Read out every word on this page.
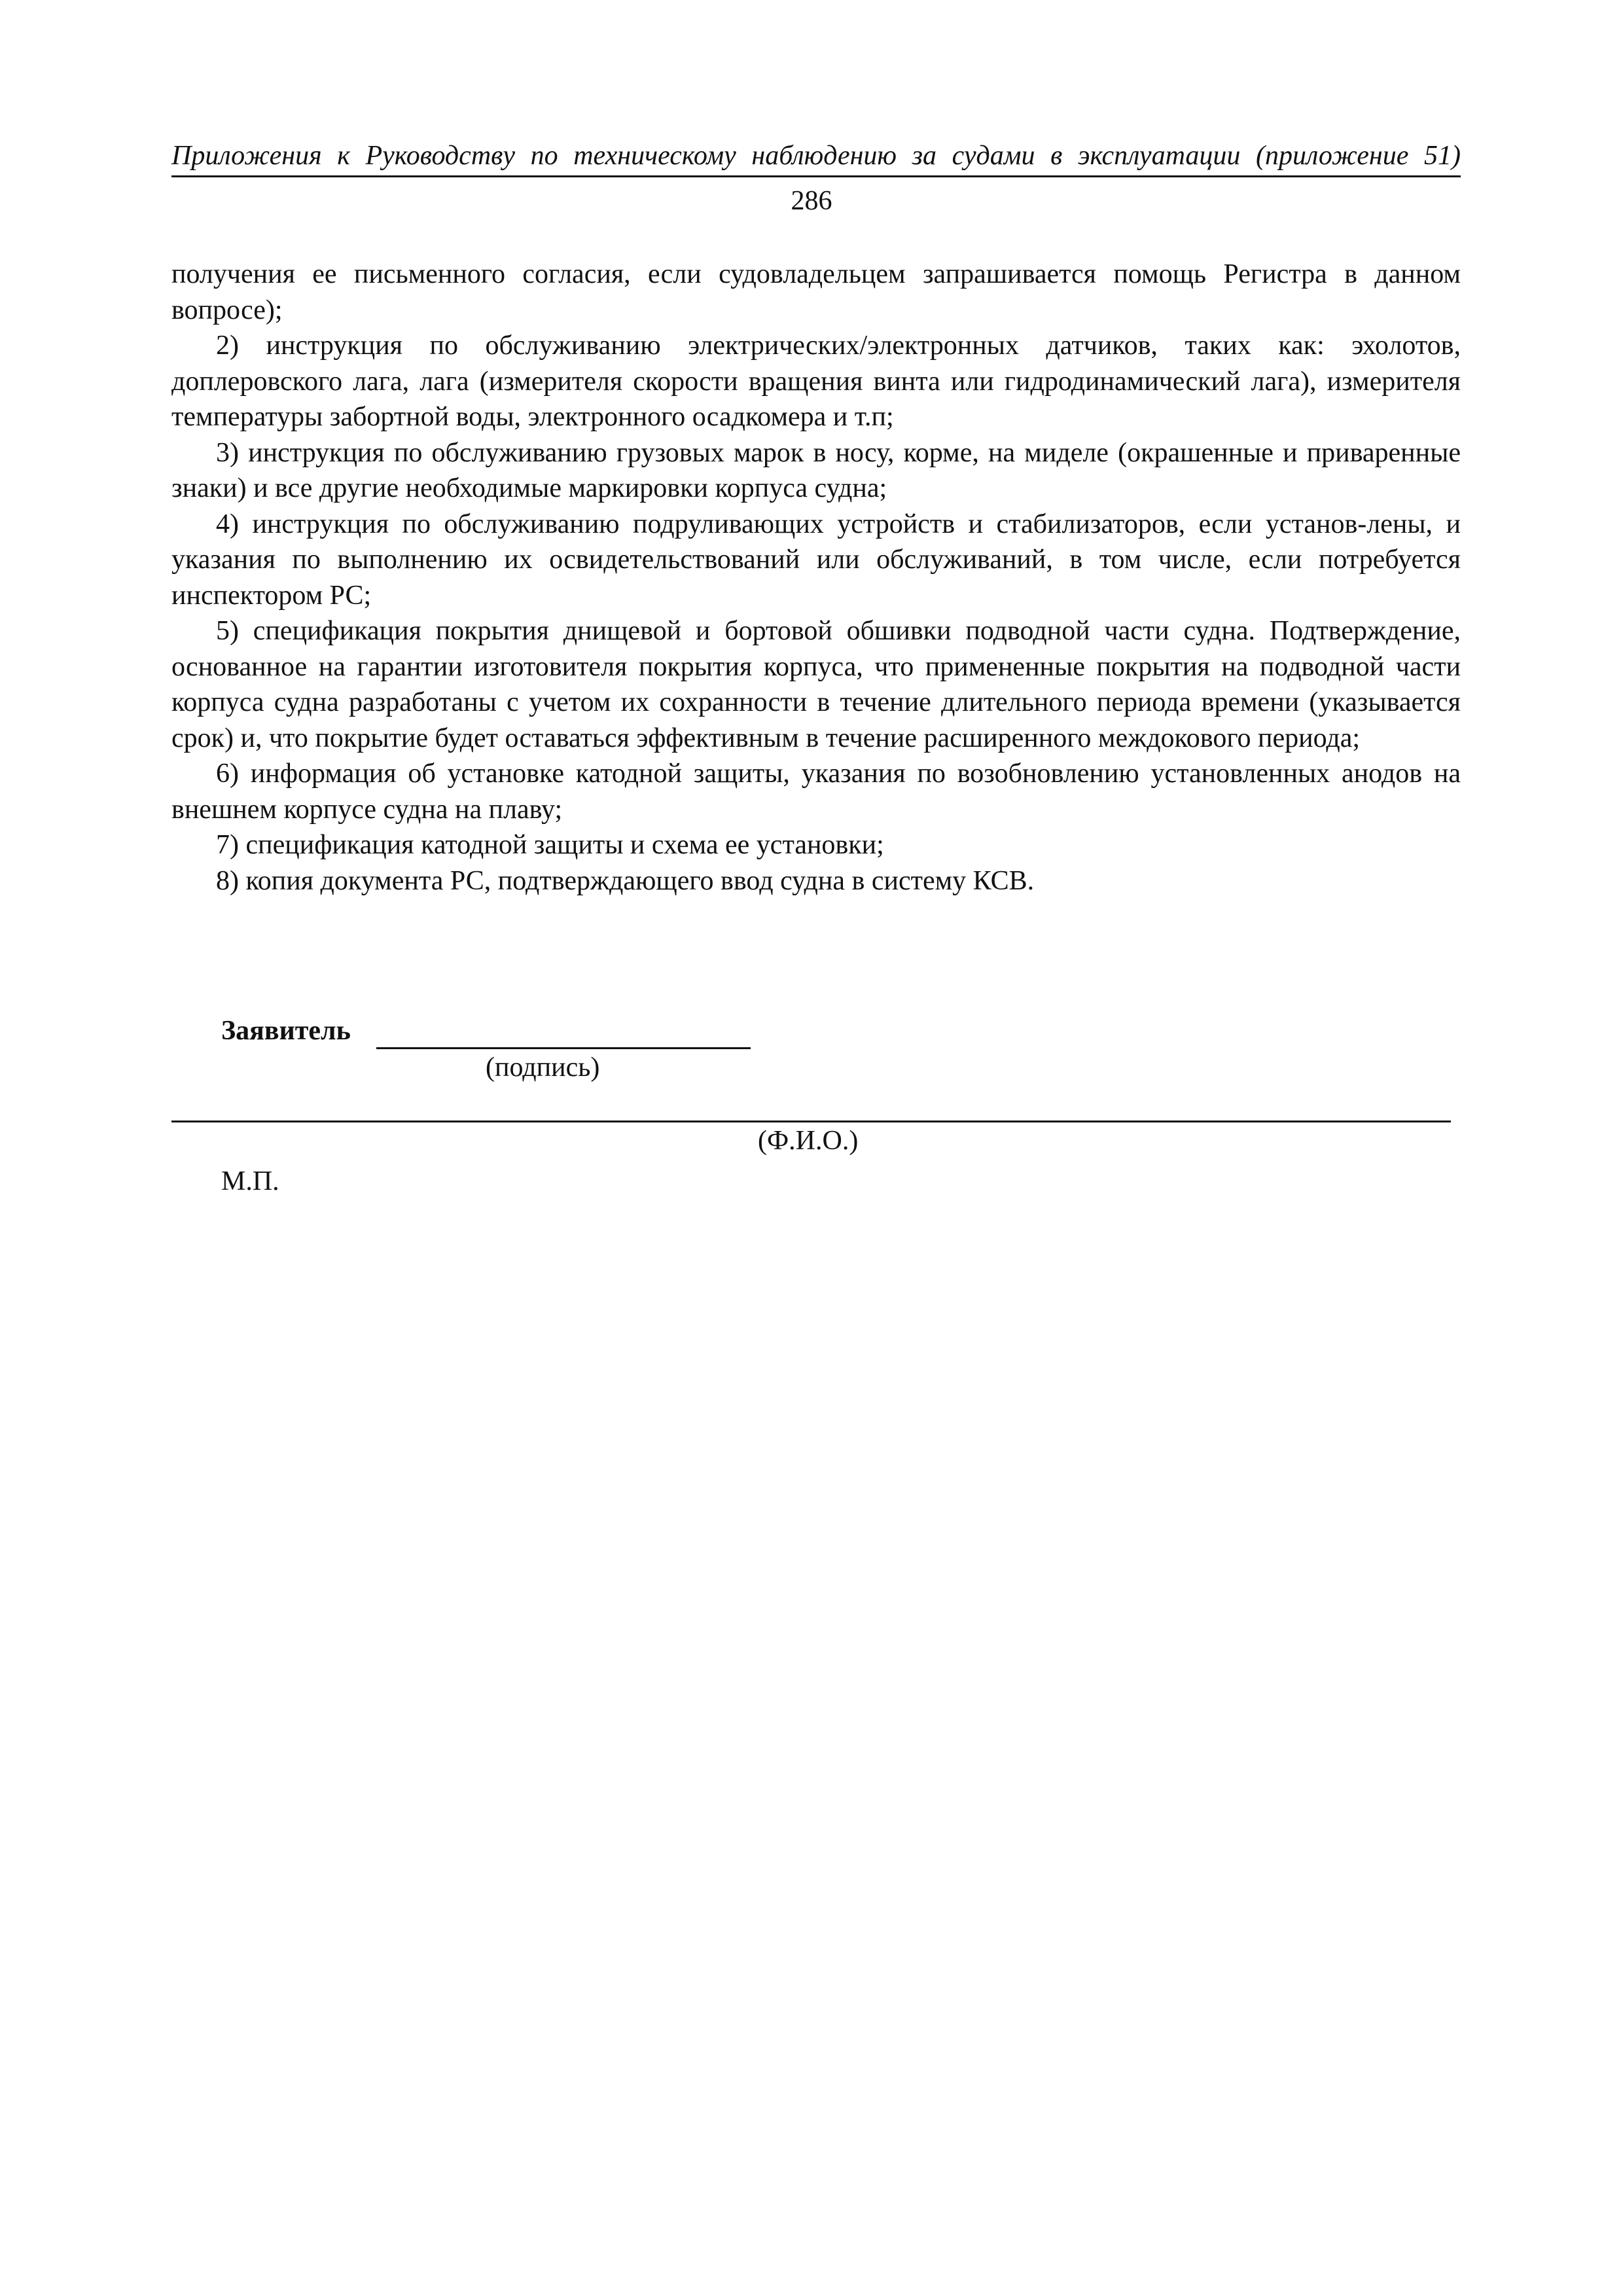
Приложения к Руководству по техническому наблюдению за судами в эксплуатации (приложение 51)
286

получения ее письменного согласия, если судовладельцем запрашивается помощь Регистра в данном вопросе);

2) инструкция по обслуживанию электрических/электронных датчиков, таких как: эхолотов, доплеровского лага, лага (измерителя скорости вращения винта или гидродинамический лага), измерителя температуры забортной воды, электронного осадкомера и т.п;

3) инструкция по обслуживанию грузовых марок в носу, корме, на миделе (окрашенные и приваренные знаки) и все другие необходимые маркировки корпуса судна;

4) инструкция по обслуживанию подруливающих устройств и стабилизаторов, если установ-лены, и указания по выполнению их освидетельствований или обслуживаний, в том числе, если потребуется инспектором РС;

5) спецификация покрытия днищевой и бортовой обшивки подводной части судна. Подтверждение, основанное на гарантии изготовителя покрытия корпуса, что примененные покрытия на подводной части корпуса судна разработаны с учетом их сохранности в течение длительного периода времени (указывается срок) и, что покрытие будет оставаться эффективным в течение расширенного междокового периода;

6) информация об установке катодной защиты, указания по возобновлению установленных анодов на внешнем корпусе судна на плаву;

7) спецификация катодной защиты и схема ее установки;

8) копия документа РС, подтверждающего ввод судна в систему КСВ.

Заявитель
(подпись)
(Ф.И.О.)
М.П.
